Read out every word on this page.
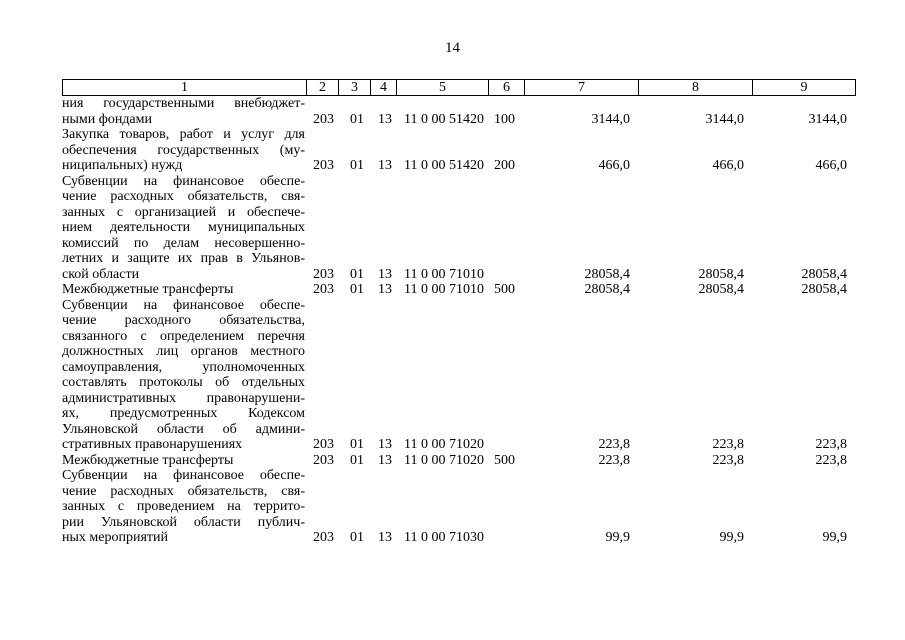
14
1	2	3	4	5	6	7	8	9
ния государственными внебюджет-
ными фондами	203 01 13 11 0 00 51420 100	3144,0	3144,0	3144,0
Закупка товаров, работ и услуг для
обеспечения государственных (му-
ниципальных) нужд	203 01 13 11 0 00 51420 200	466,0	466,0	466,0
Субвенции на финансовое обеспе-
чение расходных обязательств, свя-
занных с организацией и обеспече-
нием деятельности муниципальных
комиссий по делам несовершенно-
летних и защите их прав в Ульянов-
ской области	203 01 13 11 0 00 71010	28058,4	28058,4	28058,4
Межбюджетные трансферты	203 01 13 11 0 00 71010 500	28058,4	28058,4	28058,4
Субвенции на финансовое обеспе-
чение расходного обязательства,
связанного с определением перечня
должностных лиц органов местного
самоуправления, уполномоченных
составлять протоколы об отдельных
административных правонарушени-
ях, предусмотренных Кодексом
Ульяновской области об админи-
стративных правонарушениях	203 01 13 11 0 00 71020	223,8	223,8	223,8
Межбюджетные трансферты	203 01 13 11 0 00 71020 500	223,8	223,8	223,8
Субвенции на финансовое обеспе-
чение расходных обязательств, свя-
занных с проведением на террито-
рии Ульяновской области публич-
ных мероприятий	203 01 13 11 0 00 71030	99,9	99,9	99,9
